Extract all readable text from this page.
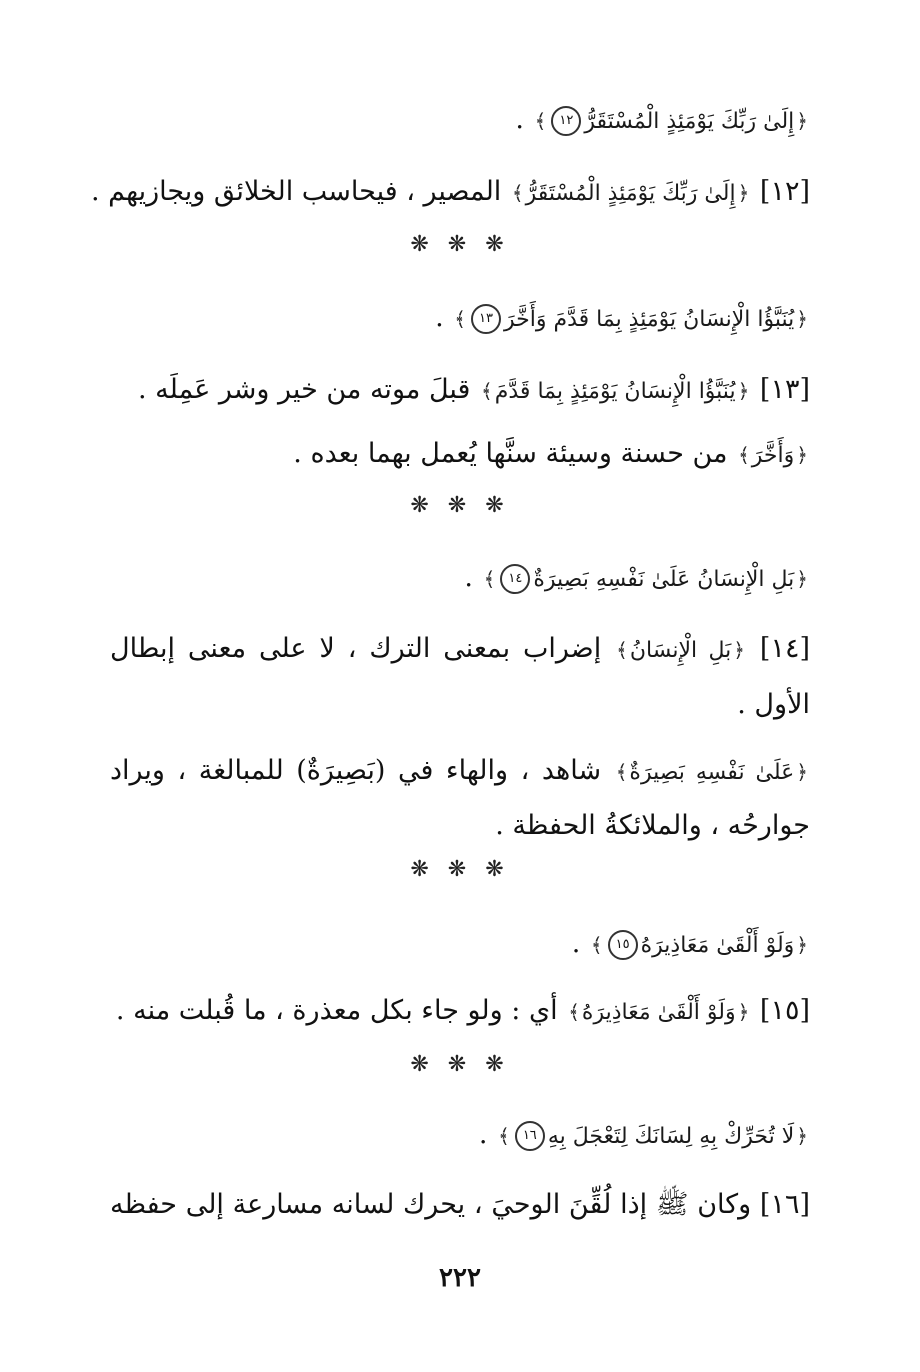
﴿إِلَىٰ رَبِّكَ يَوْمَئِذٍ الْمُسْتَقَرُّ١٢﴾ .
[١٢] ﴿إِلَىٰ رَبِّكَ يَوْمَئِذٍ الْمُسْتَقَرُّ﴾ المصير ، فيحاسب الخلائق ويجازيهم .
﴿يُنَبَّؤُا الْإِنسَانُ يَوْمَئِذٍ بِمَا قَدَّمَ وَأَخَّرَ١٣﴾ .
[١٣] ﴿يُنَبَّؤُا الْإِنسَانُ يَوْمَئِذٍ بِمَا قَدَّمَ﴾ قبلَ موته من خير وشر عَمِلَه .
﴿وَأَخَّرَ﴾ من حسنة وسيئة سنَّها يُعمل بهما بعده .
﴿بَلِ الْإِنسَانُ عَلَىٰ نَفْسِهِ بَصِيرَةٌ١٤﴾ .
[١٤] ﴿بَلِ الْإِنسَانُ﴾ إضراب بمعنى الترك ، لا على معنى إبطال
الأول .
﴿عَلَىٰ نَفْسِهِ بَصِيرَةٌ﴾ شاهد ، والهاء في (بَصِيرَةٌ) للمبالغة ، ويراد
جوارحُه ، والملائكةُ الحفظة .
﴿وَلَوْ أَلْقَىٰ مَعَاذِيرَهُ١٥﴾ .
[١٥] ﴿وَلَوْ أَلْقَىٰ مَعَاذِيرَهُ﴾ أي : ولو جاء بكل معذرة ، ما قُبلت منه .
﴿لَا تُحَرِّكْ بِهِ لِسَانَكَ لِتَعْجَلَ بِهِ١٦﴾ .
[١٦] وكان ﷺ إذا لُقِّنَ الوحيَ ، يحرك لسانه مسارعة إلى حفظه
❋ ❋ ❋
❋ ❋ ❋
❋ ❋ ❋
❋ ❋ ❋
٢٢٢
